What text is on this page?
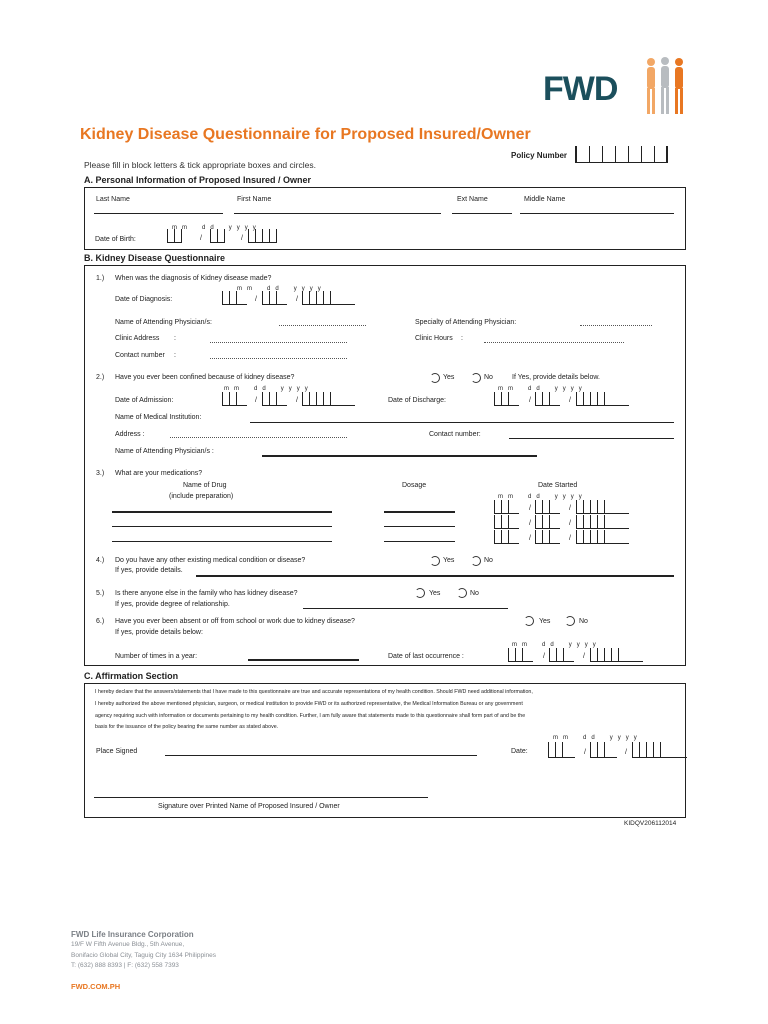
FWD
Kidney Disease Questionnaire for Proposed Insured/Owner
Please fill in block letters & tick appropriate boxes and circles.
Policy Number
A. Personal Information of Proposed Insured / Owner
Last Name	First Name	Ext Name	Middle Name
m m	d d	y y y y
Date of Birth:	/	/
B. Kidney Disease Questionnaire
1.) When was the diagnosis of Kidney disease made?
m m	d d	y y y y
Date of Diagnosis:	/	/
Name of Attending Physician/s:	Specialty of Attending Physician:
Clinic Address :	Clinic Hours :
Contact number :
2.) Have you ever been confined because of kidney disease?	Yes	No	If Yes, provide details below.
m m	d d	y y y y
Date of Admission:	/	/
m m	d d	y y y y
Date of Discharge:	/	/
Name of Medical Institution:
Address :	Contact number:
Name of Attending Physician/s :
3.) What are your medications?
Name of Drug
(include preparation)
Dosage	Date Started
m m	d d	y y y y
/	/
/	/
/	/
4.) Do you have any other existing medical condition or disease?
If yes, provide details.
Yes	No
5.) Is there anyone else in the family who has kidney disease?
If yes, provide degree of relationship.
Yes	No
6.) Have you ever been absent or off from school or work due to kidney disease?
If yes, provide details below:
Yes	No
Number of times in a year:	Date of last occurrence :
m m	d d	y y y y
/	/
C. Affirmation Section
I hereby declare that the answers/statements that I have made to this questionnaire are true and accurate representations of my health condition. Should FWD need additional information,
I hereby authorized the above mentioned physician, surgeon, or medical institution to provide FWD or its authorized representative, the Medical Information Bureau or any government
agency requiring such with information or documents pertaining to my health condition. Further, I am fully aware that statements made to this questionnaire shall form part of and be the
basis for the issuance of the policy bearing the same number as stated above.
Place Signed	Date:
m m	d d	y y y y
/	/
Signature over Printed Name of Proposed Insured / Owner
KIDQV206112014
FWD Life Insurance Corporation
19/F W Fifth Avenue Bldg., 5th Avenue,
Bonifacio Global City, Taguig City 1634 Philippines
T: (632) 888 8393 | F: (632) 558 7393
FWD.COM.PH
